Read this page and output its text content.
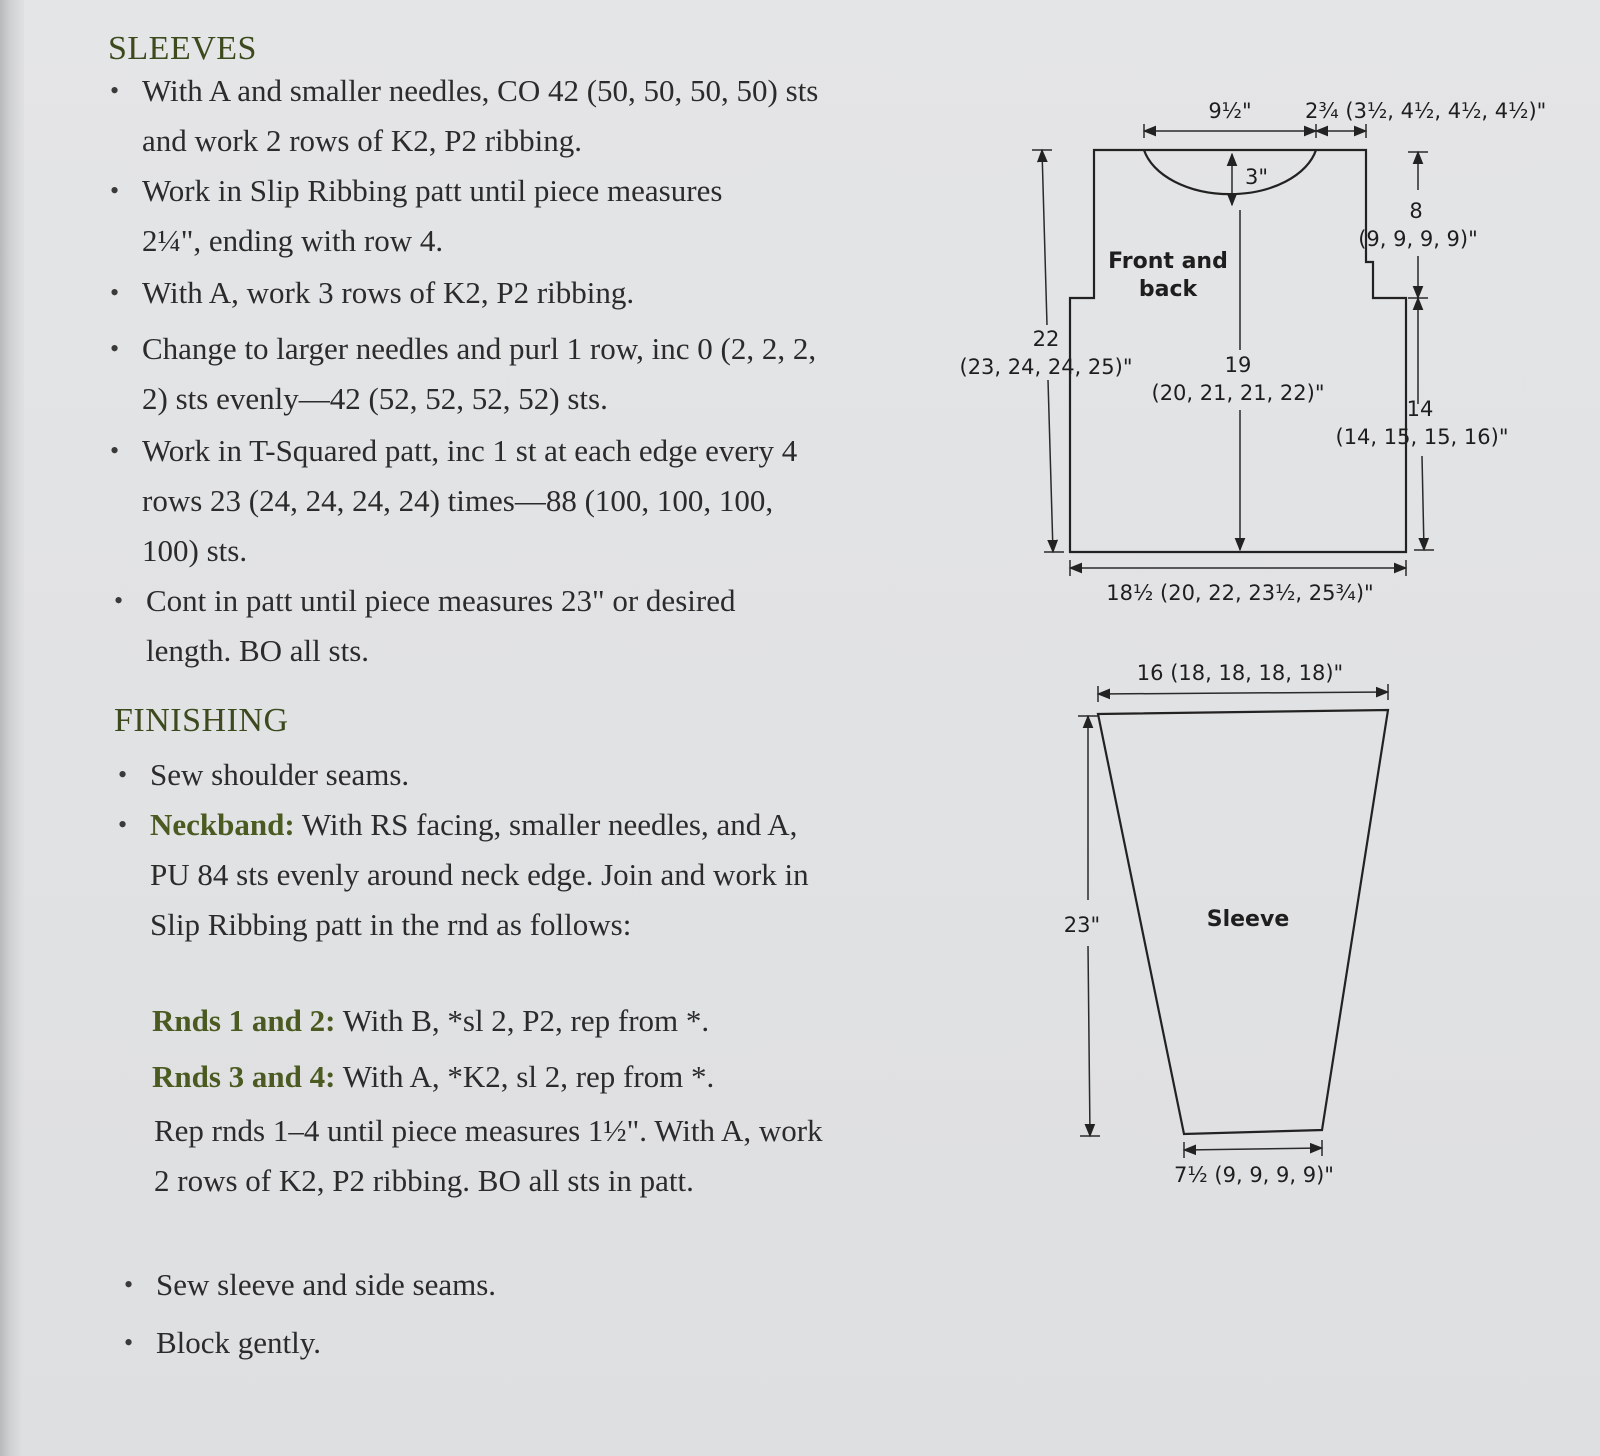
SLEEVES

• With A and smaller needles, CO 42 (50, 50, 50, 50) sts and work 2 rows of K2, P2 ribbing.

• Work in Slip Ribbing patt until piece measures 2¼", ending with row 4.

• With A, work 3 rows of K2, P2 ribbing.

• Change to larger needles and purl 1 row, inc 0 (2, 2, 2, 2) sts evenly—42 (52, 52, 52, 52) sts.

• Work in T-Squared patt, inc 1 st at each edge every 4 rows 23 (24, 24, 24, 24) times—88 (100, 100, 100, 100) sts.

• Cont in patt until piece measures 23" or desired length. BO all sts.

FINISHING

• Sew shoulder seams.

• Neckband: With RS facing, smaller needles, and A, PU 84 sts evenly around neck edge. Join and work in Slip Ribbing patt in the rnd as follows:

Rnds 1 and 2: With B, *sl 2, P2, rep from *.

Rnds 3 and 4: With A, *K2, sl 2, rep from *.

Rep rnds 1–4 until piece measures 1½". With A, work 2 rows of K2, P2 ribbing. BO all sts in patt.

• Sew sleeve and side seams.

• Block gently.

9½"	2¾ (3½, 4½, 4½, 4½)"
3"
Front and
back
19
(20, 21, 21, 22)"
22
(23, 24, 24, 25)"
8
(9, 9, 9, 9)"
14
(14, 15, 15, 16)"
18½ (20, 22, 23½, 25¾)"
16 (18, 18, 18, 18)"
23"	Sleeve
7½ (9, 9, 9, 9)"
